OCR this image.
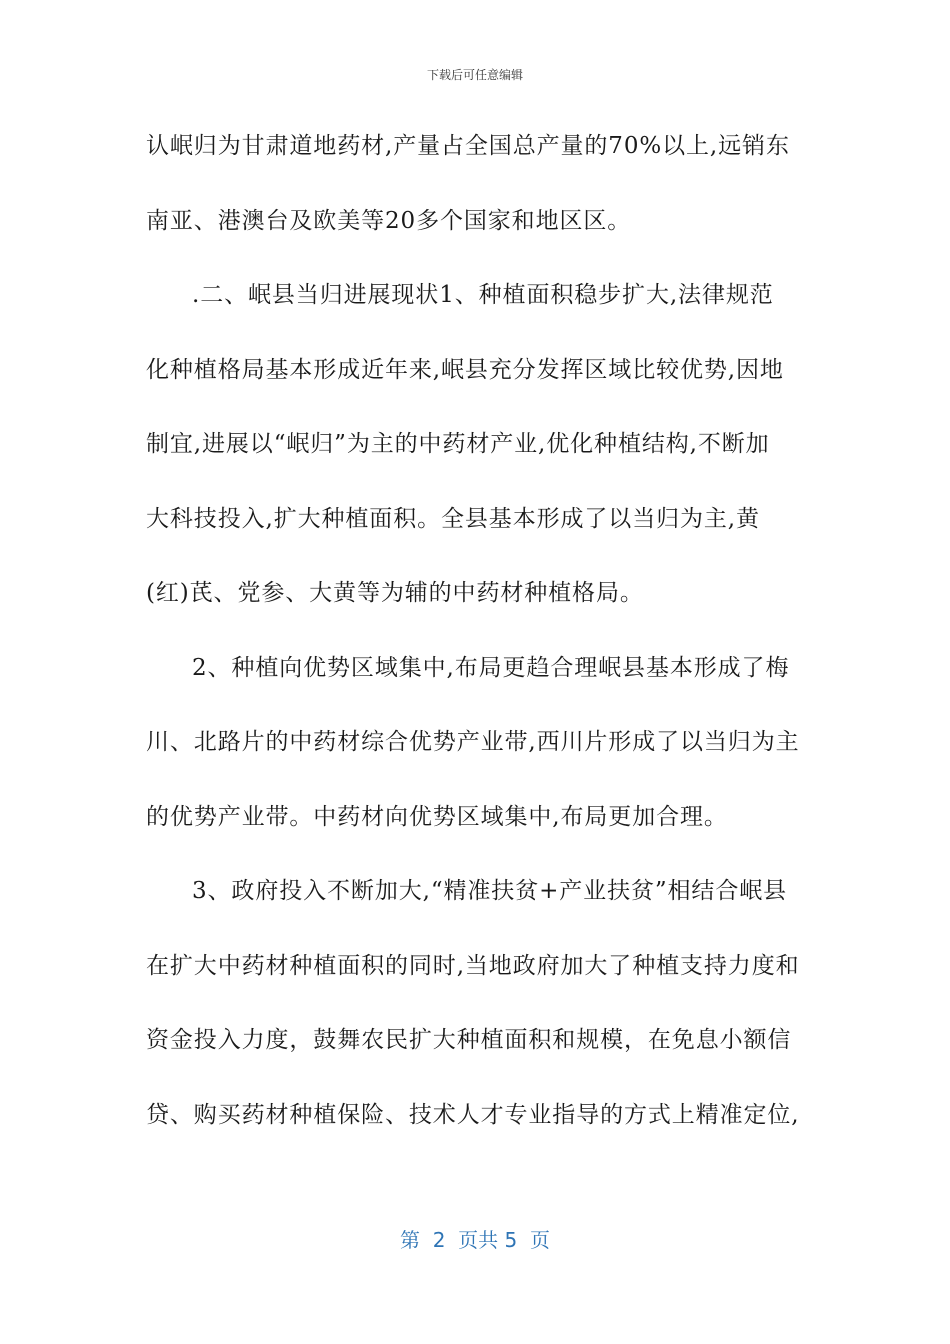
下载后可任意编辑
认岷归为甘肃道地药材,产量占全国总产量的70%以上,远销东
南亚、港澳台及欧美等20多个国家和地区区。
.二、岷县当归进展现状1、种植面积稳步扩大,法律规范
化种植格局基本形成近年来,岷县充分发挥区域比较优势,因地
制宜,进展以“岷归”为主的中药材产业,优化种植结构,不断加
大科技投入,扩大种植面积。全县基本形成了以当归为主,黄
(红)芪、党参、大黄等为辅的中药材种植格局。
2、种植向优势区域集中,布局更趋合理岷县基本形成了梅
川、北路片的中药材综合优势产业带,西川片形成了以当归为主
的优势产业带。中药材向优势区域集中,布局更加合理。
3、政府投入不断加大,“精准扶贫+产业扶贫”相结合岷县
在扩大中药材种植面积的同时,当地政府加大了种植支持力度和
资金投入力度，鼓舞农民扩大种植面积和规模，在免息小额信
贷、购买药材种植保险、技术人才专业指导的方式上精准定位,
第  2  页共 5  页
